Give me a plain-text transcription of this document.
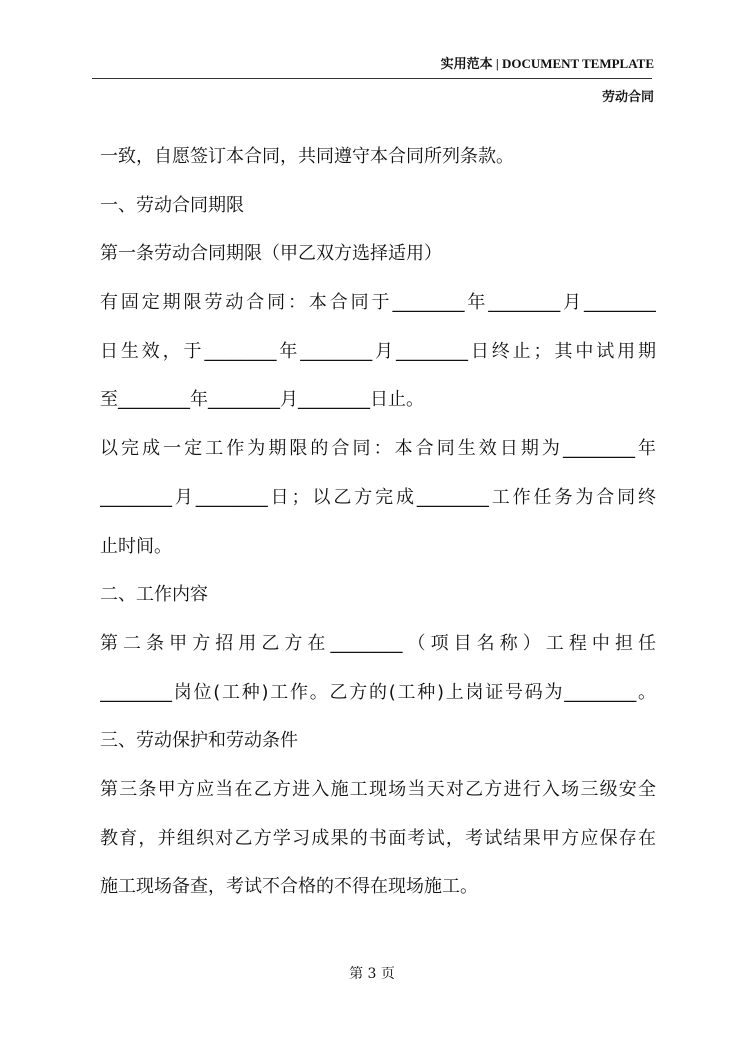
实用范本 | DOCUMENT TEMPLATE
劳动合同
一致，自愿签订本合同，共同遵守本合同所列条款。
一、劳动合同期限
第一条劳动合同期限（甲乙双方选择适用）
有固定期限劳动合同：本合同于________年________月________
日生效，于________年________月________日终止；其中试用期
至________年________月________日止。
以完成一定工作为期限的合同：本合同生效日期为________年
________月________日；以乙方完成________工作任务为合同终
止时间。
二、工作内容
第二条甲方招用乙方在________（项目名称）工程中担任
________岗位(工种)工作。乙方的(工种)上岗证号码为________。
三、劳动保护和劳动条件
第三条甲方应当在乙方进入施工现场当天对乙方进行入场三级安全
教育，并组织对乙方学习成果的书面考试，考试结果甲方应保存在
施工现场备查，考试不合格的不得在现场施工。
第 3 页
